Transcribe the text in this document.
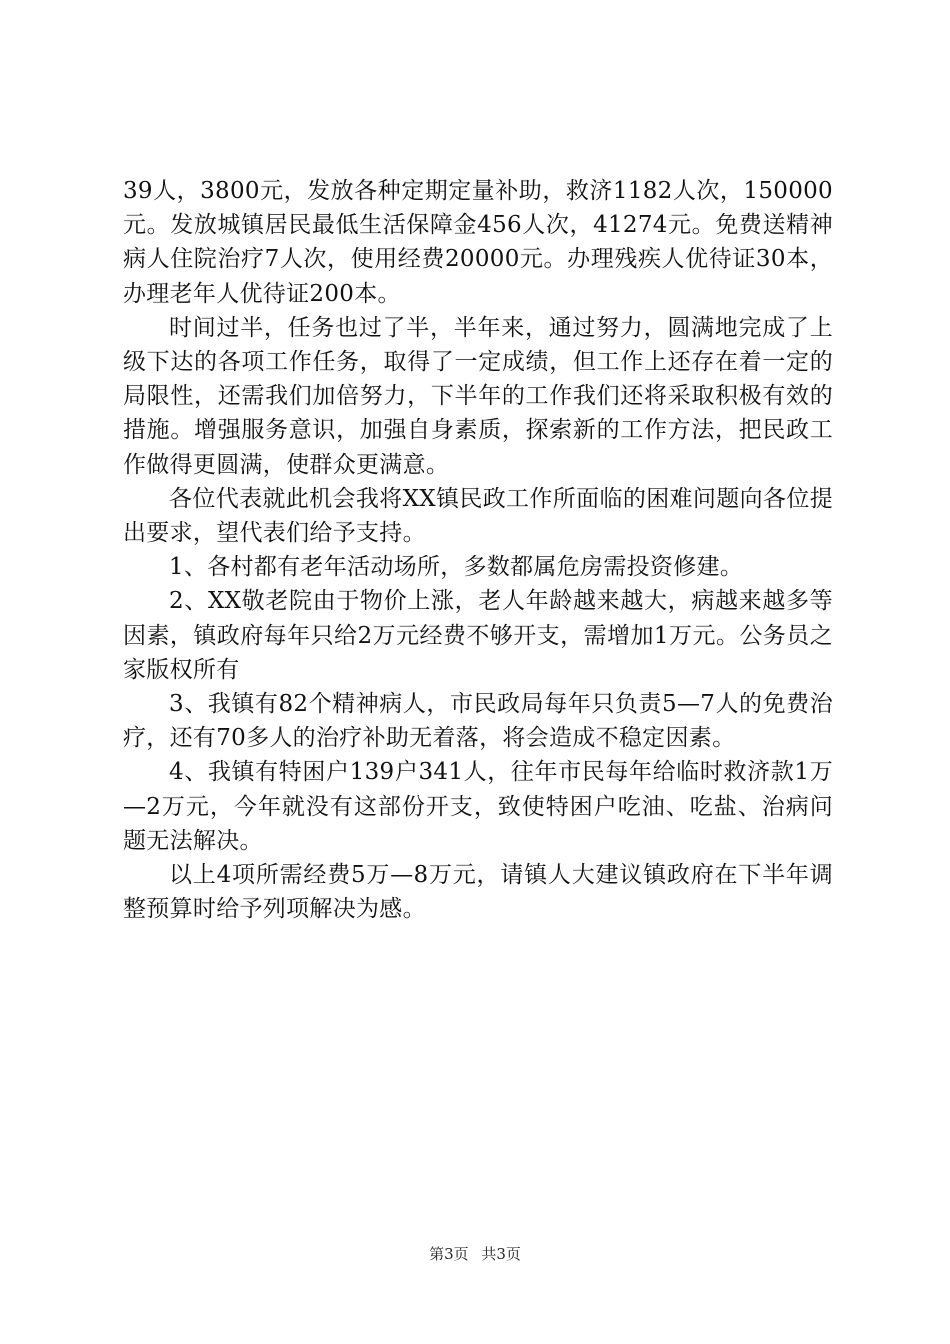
39人，3800元，发放各种定期定量补助，救济1182人次，150000元。发放城镇居民最低生活保障金456人次，41274元。免费送精神病人住院治疗7人次，使用经费20000元。办理残疾人优待证30本，办理老年人优待证200本。

时间过半，任务也过了半，半年来，通过努力，圆满地完成了上级下达的各项工作任务，取得了一定成绩，但工作上还存在着一定的局限性，还需我们加倍努力，下半年的工作我们还将采取积极有效的措施。增强服务意识，加强自身素质，探索新的工作方法，把民政工作做得更圆满，使群众更满意。

各位代表就此机会我将XX镇民政工作所面临的困难问题向各位提出要求，望代表们给予支持。

1、各村都有老年活动场所，多数都属危房需投资修建。

2、XX敬老院由于物价上涨，老人年龄越来越大，病越来越多等因素，镇政府每年只给2万元经费不够开支，需增加1万元。公务员之家版权所有

3、我镇有82个精神病人，市民政局每年只负责5—7人的免费治疗，还有70多人的治疗补助无着落，将会造成不稳定因素。

4、我镇有特困户139户341人，往年市民每年给临时救济款1万—2万元，今年就没有这部份开支，致使特困户吃油、吃盐、治病问题无法解决。

以上4项所需经费5万—8万元，请镇人大建议镇政府在下半年调整预算时给予列项解决为感。

第3页 共3页
